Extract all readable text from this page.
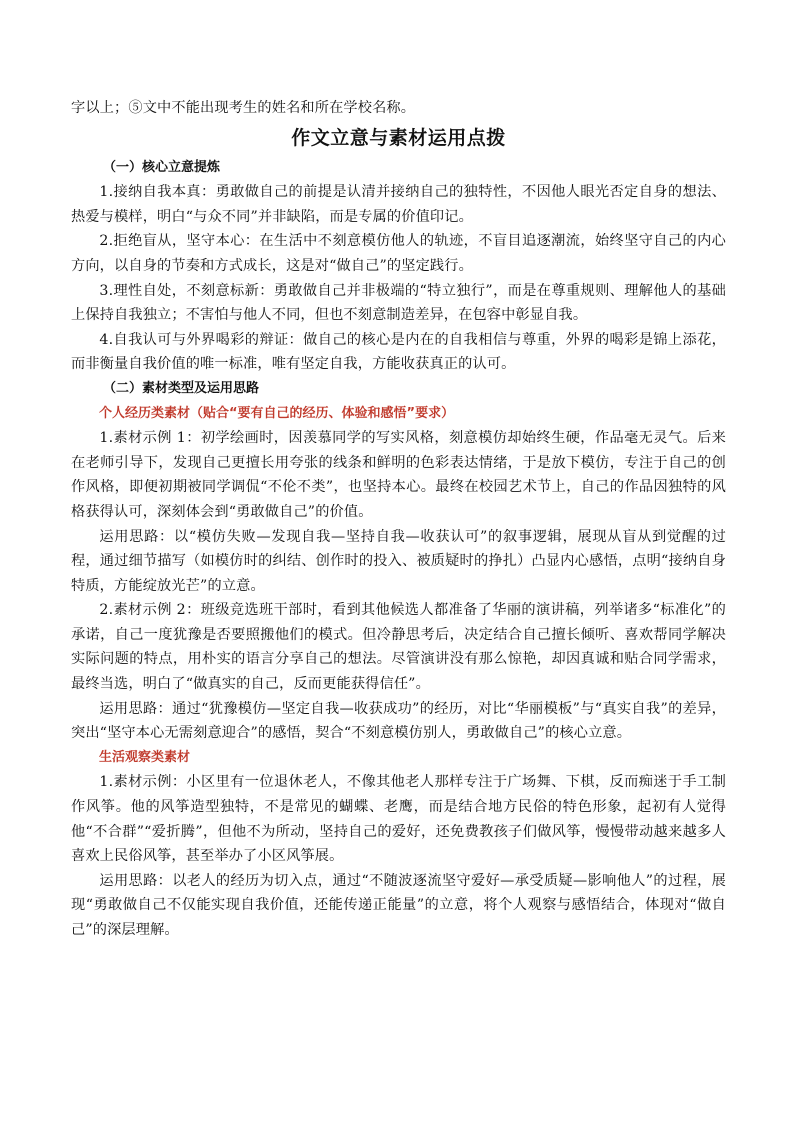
字以上；⑤文中不能出现考生的姓名和所在学校名称。

作文立意与素材运用点拨
（一）核心立意提炼

1.接纳自我本真：勇敢做自己的前提是认清并接纳自己的独特性，不因他人眼光否定自身的想法、热爱与模样，明白“与众不同”并非缺陷，而是专属的价值印记。

2.拒绝盲从，坚守本心：在生活中不刻意模仿他人的轨迹，不盲目追逐潮流，始终坚守自己的内心方向，以自身的节奏和方式成长，这是对“做自己”的坚定践行。

3.理性自处，不刻意标新：勇敢做自己并非极端的“特立独行”，而是在尊重规则、理解他人的基础上保持自我独立；不害怕与他人不同，但也不刻意制造差异，在包容中彰显自我。

4.自我认可与外界喝彩的辩证：做自己的核心是内在的自我相信与尊重，外界的喝彩是锦上添花，而非衡量自我价值的唯一标准，唯有坚定自我，方能收获真正的认可。

（二）素材类型及运用思路
个人经历类素材（贴合“要有自己的经历、体验和感悟”要求）

1.素材示例 1：初学绘画时，因羡慕同学的写实风格，刻意模仿却始终生硬，作品毫无灵气。后来在老师引导下，发现自己更擅长用夸张的线条和鲜明的色彩表达情绪，于是放下模仿，专注于自己的创作风格，即便初期被同学调侃“不伦不类”，也坚持本心。最终在校园艺术节上，自己的作品因独特的风格获得认可，深刻体会到“勇敢做自己”的价值。

运用思路：以“模仿失败—发现自我—坚持自我—收获认可”的叙事逻辑，展现从盲从到觉醒的过程，通过细节描写（如模仿时的纠结、创作时的投入、被质疑时的挣扎）凸显内心感悟，点明“接纳自身特质，方能绽放光芒”的立意。

2.素材示例 2：班级竞选班干部时，看到其他候选人都准备了华丽的演讲稿，列举诸多“标准化”的承诺，自己一度犹豫是否要照搬他们的模式。但冷静思考后，决定结合自己擅长倾听、喜欢帮同学解决实际问题的特点，用朴实的语言分享自己的想法。尽管演讲没有那么惊艳，却因真诚和贴合同学需求，最终当选，明白了“做真实的自己，反而更能获得信任”。

运用思路：通过“犹豫模仿—坚定自我—收获成功”的经历，对比“华丽模板”与“真实自我”的差异，突出“坚守本心无需刻意迎合”的感悟，契合“不刻意模仿别人，勇敢做自己”的核心立意。

生活观察类素材

1.素材示例：小区里有一位退休老人，不像其他老人那样专注于广场舞、下棋，反而痴迷于手工制作风筝。他的风筝造型独特，不是常见的蝴蝶、老鹰，而是结合地方民俗的特色形象，起初有人觉得他“不合群”“爱折腾”，但他不为所动，坚持自己的爱好，还免费教孩子们做风筝，慢慢带动越来越多人喜欢上民俗风筝，甚至举办了小区风筝展。

运用思路：以老人的经历为切入点，通过“不随波逐流坚守爱好—承受质疑—影响他人”的过程，展现“勇敢做自己不仅能实现自我价值，还能传递正能量”的立意，将个人观察与感悟结合，体现对“做自己”的深层理解。
